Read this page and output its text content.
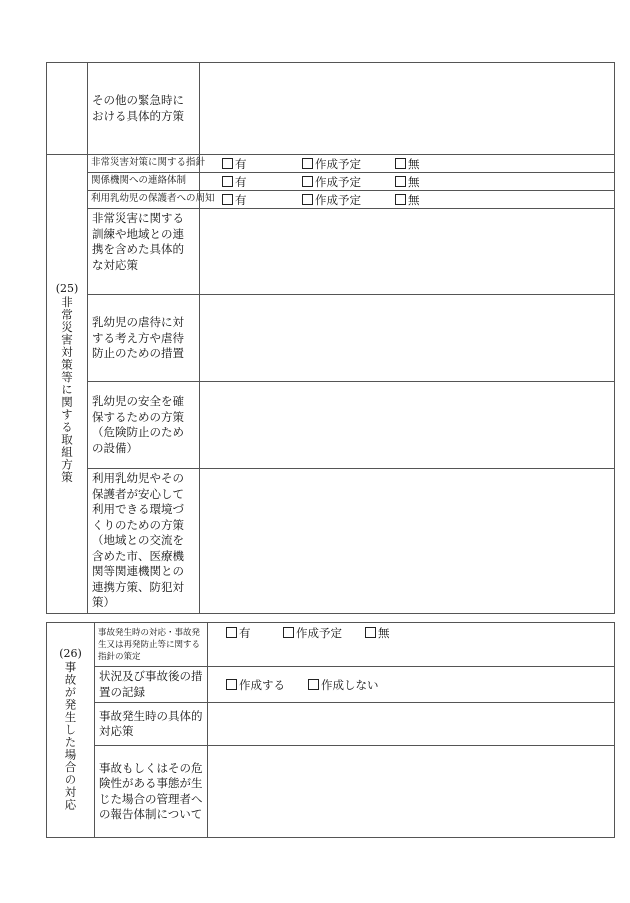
	その他の緊急時における具体的方策	

(25)
非常災害対策等に関する取組方策	非常災害対策に関する指針	有 作成予定 無
	関係機関への連絡体制	有 作成予定 無
	利用乳幼児の保護者への周知	有 作成予定 無
	非常災害に関する訓練や地域との連携を含めた具体的な対応策	
	乳幼児の虐待に対する考え方や虐待防止のための措置	
	乳幼児の安全を確保するための方策（危険防止のための設備）	
	利用乳幼児やその保護者が安心して利用できる環境づくりのための方策（地域との交流を含めた市、医療機関等関連機関との連携方策、防犯対策）	
(26)
事故が発生した場合の対応	事故発生時の対応・事故発生又は再発防止等に関する指針の策定	有 作成予定 無
	状況及び事故後の措置の記録	作成する 作成しない
	事故発生時の具体的対応策	
	事故もしくはその危険性がある事態が生じた場合の管理者への報告体制について	
